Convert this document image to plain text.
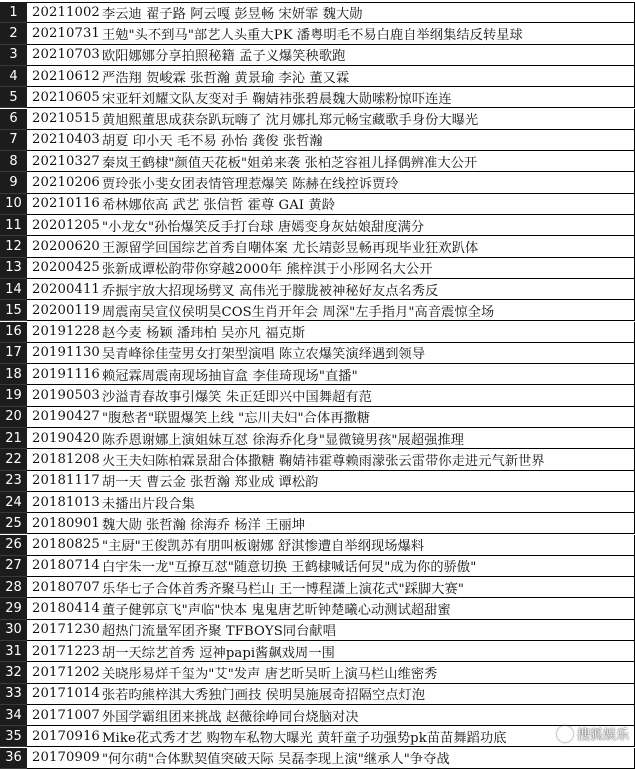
1	20211002 李云迪 翟子路 阿云嘎 彭昱畅 宋妍霏 魏大勋
2	20210731 王勉"头不到马"部艺人头重大PK 潘粤明毛不易白鹿自举纲集结反转星球
3	20210703 欧阳娜娜分享拍照秘籍 孟子义爆笑秧歌跑
4	20210612 严浩翔 贺峻霖 张哲瀚 黄景瑜 李沁 董又霖
5	20210605 宋亚轩刘耀文队友变对手 鞠婧祎张碧晨魏大勋嗦粉惊吓连连
6	20210515 黄旭熙董思成获奈趴玩嗨了 沈月娜扎郑元畅宝藏歌手身份大曝光
7	20210403 胡夏 印小天 毛不易 孙怡 龚俊 张哲瀚
8	20210327 秦岚王鹤棣"颜值天花板"姐弟来袭 张柏芝容祖儿择偶辨准大公开
9	20210206 贾玲张小斐女团表情管理惹爆笑 陈赫在线控诉贾玲
10 20210116 希林娜依高 武艺 张信哲 霍尊 GAI 黄龄
11 20201205 "小龙女"孙怡爆笑反手打台球 唐嫣变身灰姑娘甜度满分
12 20200620 王源留学回国综艺首秀自嘲体案 尤长靖彭昱畅再现毕业狂欢趴体
13 20200425 张新成谭松韵带你穿越2000年 熊梓淇于小彤网名大公开
14 20200411 乔振宇放大招现场劈叉 高伟光于朦胧被神秘好友点名秀反
15 20200119 周震南吴宣仪侯明昊COS生肖开年会 周深"左手指月"高音震惊全场
16 20191228 赵今麦 杨颖 潘玮柏 吴亦凡 福克斯
17 20191130 吴青峰徐佳莹男女打架型演唱 陈立农爆笑演绎遇到领导
18 20191116 赖冠霖周震南现场抽盲盒 李佳琦现场"直播"
19 20190503 沙溢青春故事引爆笑 朱正廷即兴中国舞超有范
20 20190427 "腹愁者"联盟爆笑上线 "忘川夫妇"合体再撒糖
21 20190420 陈乔恩谢娜上演姐妹互怼 徐海乔化身"显微镜男孩"展超强推理
22 20181208 火王夫妇陈柏霖景甜合体撒糖 鞠婧祎霍尊赖雨濛张云雷带你走进元气新世界
23 20181117 胡一天 曹云金 张哲瀚 郑业成 谭松韵
24 20181013 未播出片段合集
25 20180901 魏大勋 张哲瀚 徐海乔 杨洋 王丽坤
26 20180825 "主厨"王俊凯苏有朋叫板谢娜 舒淇惨遭自举纲现场爆料
27 20180714 白宇朱一龙"互撩互怼"随意切换 王鹤棣喊话何炅"成为你的骄傲"
28 20180707 乐华七子合体首秀齐聚马栏山 王一博程潇上演花式"踩脚大赛"
29 20180414 董子健郭京飞"声临"快本 鬼鬼唐艺昕钟楚曦心动测试超甜蜜
30 20171230 超热门流量军团齐聚 TFBOYS同台献唱
31 20171223 胡一天综艺首秀 逗神papi酱飙戏周一围
32 20171202 关晓彤易烊千玺为"艾"发声 唐艺昕吴昕上演马栏山维密秀
33 20171014 张若昀熊梓淇大秀独门画技 侯明昊施展奇招隔空点灯泡
34 20171007 外国学霸组团来挑战 赵薇徐峥同台烧脑对决
35 20170916 Mike花式秀才艺 购物车私物大曝光 黄轩童子功强势pk苗苗舞蹈功底
36 20170909 "何尔萌"合体默契值突破天际 吴磊李现上演"继承人"争夺战
搜狐娱乐
